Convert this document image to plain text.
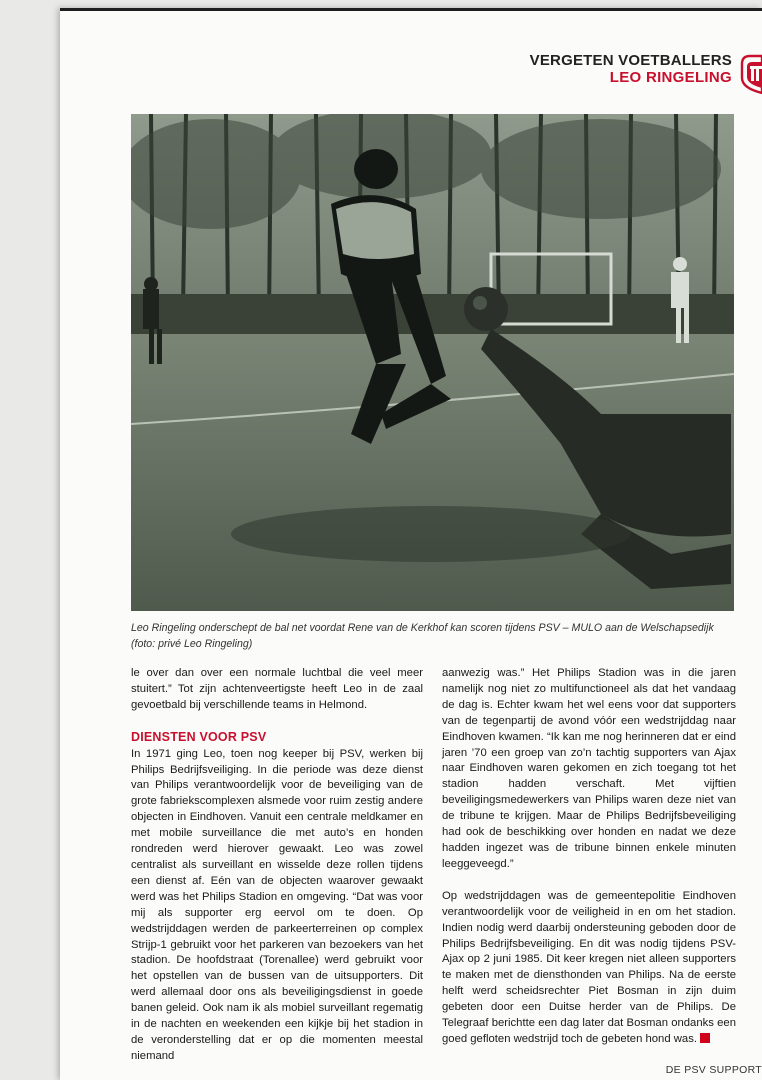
VERGETEN VOETBALLERS
LEO RINGELING
Leo Ringeling onderschept de bal net voordat Rene van de Kerkhof kan scoren tijdens PSV – MULO aan de Welschapsedijk
(foto: privé Leo Ringeling)

le over dan over een normale luchtbal die veel meer stuitert.” Tot zijn achtenveertigste heeft Leo in de zaal gevoetbald bij verschillende teams in Helmond.

DIENSTEN VOOR PSV

In 1971 ging Leo, toen nog keeper bij PSV, werken bij Philips Bedrijfsveiliging. In die periode was deze dienst van Philips verantwoordelijk voor de beveiliging van de grote fabriekscomplexen alsmede voor ruim zestig andere objecten in Eindhoven. Vanuit een centrale meldkamer en met mobile surveillance die met auto’s en honden rondreden werd hierover gewaakt. Leo was zowel centralist als surveillant en wisselde deze rollen tijdens een dienst af. Eén van de objecten waarover gewaakt werd was het Philips Stadion en omgeving. “Dat was voor mij als supporter erg eervol om te doen. Op wedstrijddagen werden de parkeerterreinen op complex Strijp-1 gebruikt voor het parkeren van bezoekers van het stadion. De hoofdstraat (Torenallee) werd gebruikt voor het opstellen van de bussen van de uitsupporters. Dit werd allemaal door ons als beveiligingsdienst in goede banen geleid. Ook nam ik als mobiel surveillant regematig in de nachten en weekenden een kijkje bij het stadion in de veronderstelling dat er op die momenten meestal niemand

aanwezig was.” Het Philips Stadion was in die jaren namelijk nog niet zo multifunctioneel als dat het vandaag de dag is. Echter kwam het wel eens voor dat supporters van de tegenpartij de avond vóór een wedstrijddag naar Eindhoven kwamen. “Ik kan me nog herinneren dat er eind jaren ’70 een groep van zo’n tachtig supporters van Ajax naar Eindhoven waren gekomen en zich toegang tot het stadion hadden verschaft. Met vijftien beveiligingsmedewerkers van Philips waren deze niet van de tribune te krijgen. Maar de Philips Bedrijfsbeveiliging had ook de beschikking over honden en nadat we deze hadden ingezet was de tribune binnen enkele minuten leeggeveegd.”

Op wedstrijddagen was de gemeentepolitie Eindhoven verantwoordelijk voor de veiligheid in en om het stadion. Indien nodig werd daarbij ondersteuning geboden door de Philips Bedrijfsbeveiliging. En dit was nodig tijdens PSV-Ajax op 2 juni 1985. Dit keer kregen niet alleen supporters te maken met de diensthonden van Philips. Na de eerste helft werd scheidsrechter Piet Bosman in zijn duim gebeten door een Duitse herder van de Philips. De Telegraaf berichtte een dag later dat Bosman ondanks een goed gefloten wedstrijd toch de gebeten hond was.

DE PSV SUPPORT
